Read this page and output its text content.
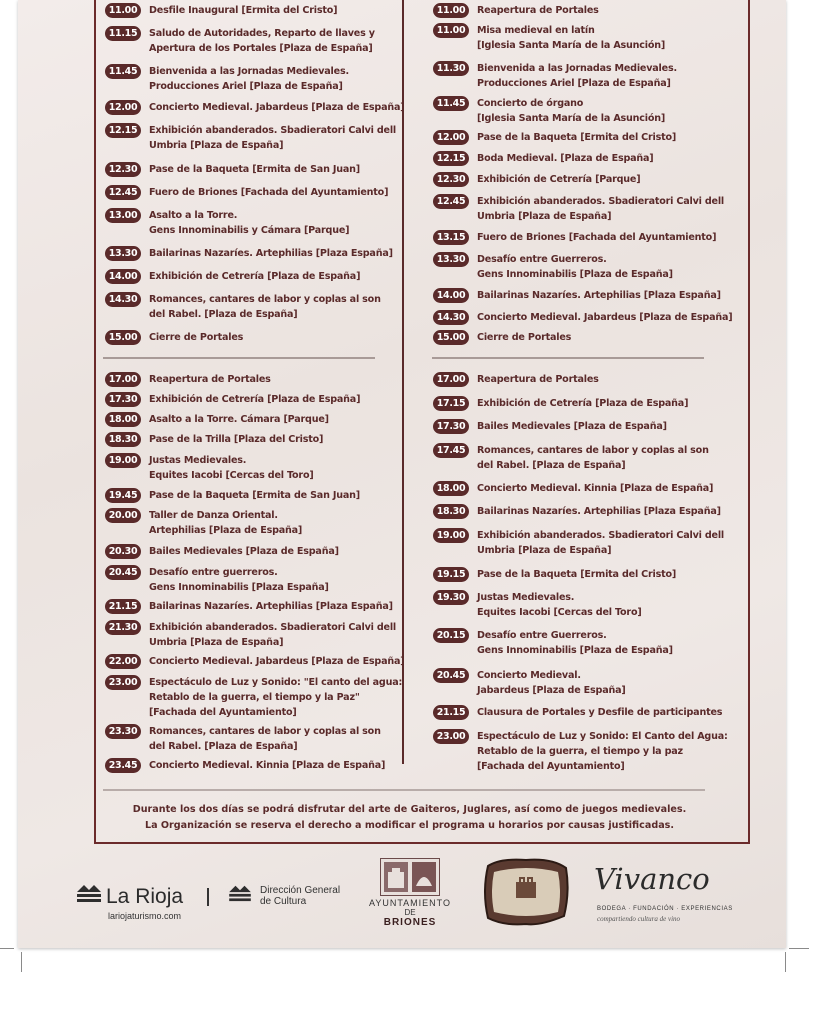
11.00	Desfile Inaugural [Ermita del Cristo]
11.15	Saludo de Autoridades, Reparto de llaves y
Apertura de los Portales [Plaza de España]
11.45	Bienvenida a las Jornadas Medievales.
Producciones Ariel [Plaza de España]
12.00	Concierto Medieval. Jabardeus [Plaza de España]
12.15	Exhibición abanderados. Sbadieratori Calvi dell
Umbria [Plaza de España]
12.30	Pase de la Baqueta [Ermita de San Juan]
12.45	Fuero de Briones [Fachada del Ayuntamiento]
13.00	Asalto a la Torre.
Gens Innominabilis y Cámara [Parque]
13.30	Bailarinas Nazaríes. Artephilias [Plaza España]
14.00	Exhibición de Cetrería [Plaza de España]
14.30	Romances, cantares de labor y coplas al son
del Rabel. [Plaza de España]
15.00	Cierre de Portales
17.00	Reapertura de Portales
17.30	Exhibición de Cetrería [Plaza de España]
18.00	Asalto a la Torre. Cámara [Parque]
18.30	Pase de la Trilla [Plaza del Cristo]
19.00	Justas Medievales.
Equites Iacobi [Cercas del Toro]
19.45	Pase de la Baqueta [Ermita de San Juan]
20.00	Taller de Danza Oriental.
Artephilias [Plaza de España]
20.30	Bailes Medievales [Plaza de España]
20.45	Desafío entre guerreros.
Gens Innominabilis [Plaza España]
21.15	Bailarinas Nazaríes. Artephilias [Plaza España]
21.30	Exhibición abanderados. Sbadieratori Calvi dell
Umbria [Plaza de España]
22.00	Concierto Medieval. Jabardeus [Plaza de España]
23.00	Espectáculo de Luz y Sonido: "El canto del agua:
Retablo de la guerra, el tiempo y la Paz"
[Fachada del Ayuntamiento]
23.30	Romances, cantares de labor y coplas al son
del Rabel. [Plaza de España]
23.45	Concierto Medieval. Kinnia [Plaza de España]
11.00	Reapertura de Portales
11.00	Misa medieval en latín
[Iglesia Santa María de la Asunción]
11.30	Bienvenida a las Jornadas Medievales.
Producciones Ariel [Plaza de España]
11.45	Concierto de órgano
[Iglesia Santa María de la Asunción]
12.00	Pase de la Baqueta [Ermita del Cristo]
12.15	Boda Medieval. [Plaza de España]
12.30	Exhibición de Cetrería [Parque]
12.45	Exhibición abanderados. Sbadieratori Calvi dell
Umbria [Plaza de España]
13.15	Fuero de Briones [Fachada del Ayuntamiento]
13.30	Desafío entre Guerreros.
Gens Innominabilis [Plaza de España]
14.00	Bailarinas Nazaríes. Artephilias [Plaza España]
14.30	Concierto Medieval. Jabardeus [Plaza de España]
15.00	Cierre de Portales
17.00	Reapertura de Portales
17.15	Exhibición de Cetrería [Plaza de España]
17.30	Bailes Medievales [Plaza de España]
17.45	Romances, cantares de labor y coplas al son
del Rabel. [Plaza de España]
18.00	Concierto Medieval. Kinnia [Plaza de España]
18.30	Bailarinas Nazaríes. Artephilias [Plaza España]
19.00	Exhibición abanderados. Sbadieratori Calvi dell
Umbria [Plaza de España]
19.15	Pase de la Baqueta [Ermita del Cristo]
19.30	Justas Medievales.
Equites Iacobi [Cercas del Toro]
20.15	Desafío entre Guerreros.
Gens Innominabilis [Plaza de España]
20.45	Concierto Medieval.
Jabardeus [Plaza de España]
21.15	Clausura de Portales y Desfile de participantes
23.00	Espectáculo de Luz y Sonido: El Canto del Agua:
Retablo de la guerra, el tiempo y la paz
[Fachada del Ayuntamiento]
Durante los dos días se podrá disfrutar del arte de Gaiteros, Juglares, así como de juegos medievales.
La Organización se reserva el derecho a modificar el programa u horarios por causas justificadas.
La Rioja
lariojaturismo.com
Dirección General
de Cultura	AYUNTAMIENTO
DE
BRIONES
Vivanco
BODEGA · FUNDACIÓN · EXPERIENCIAS
compartiendo cultura de vino
